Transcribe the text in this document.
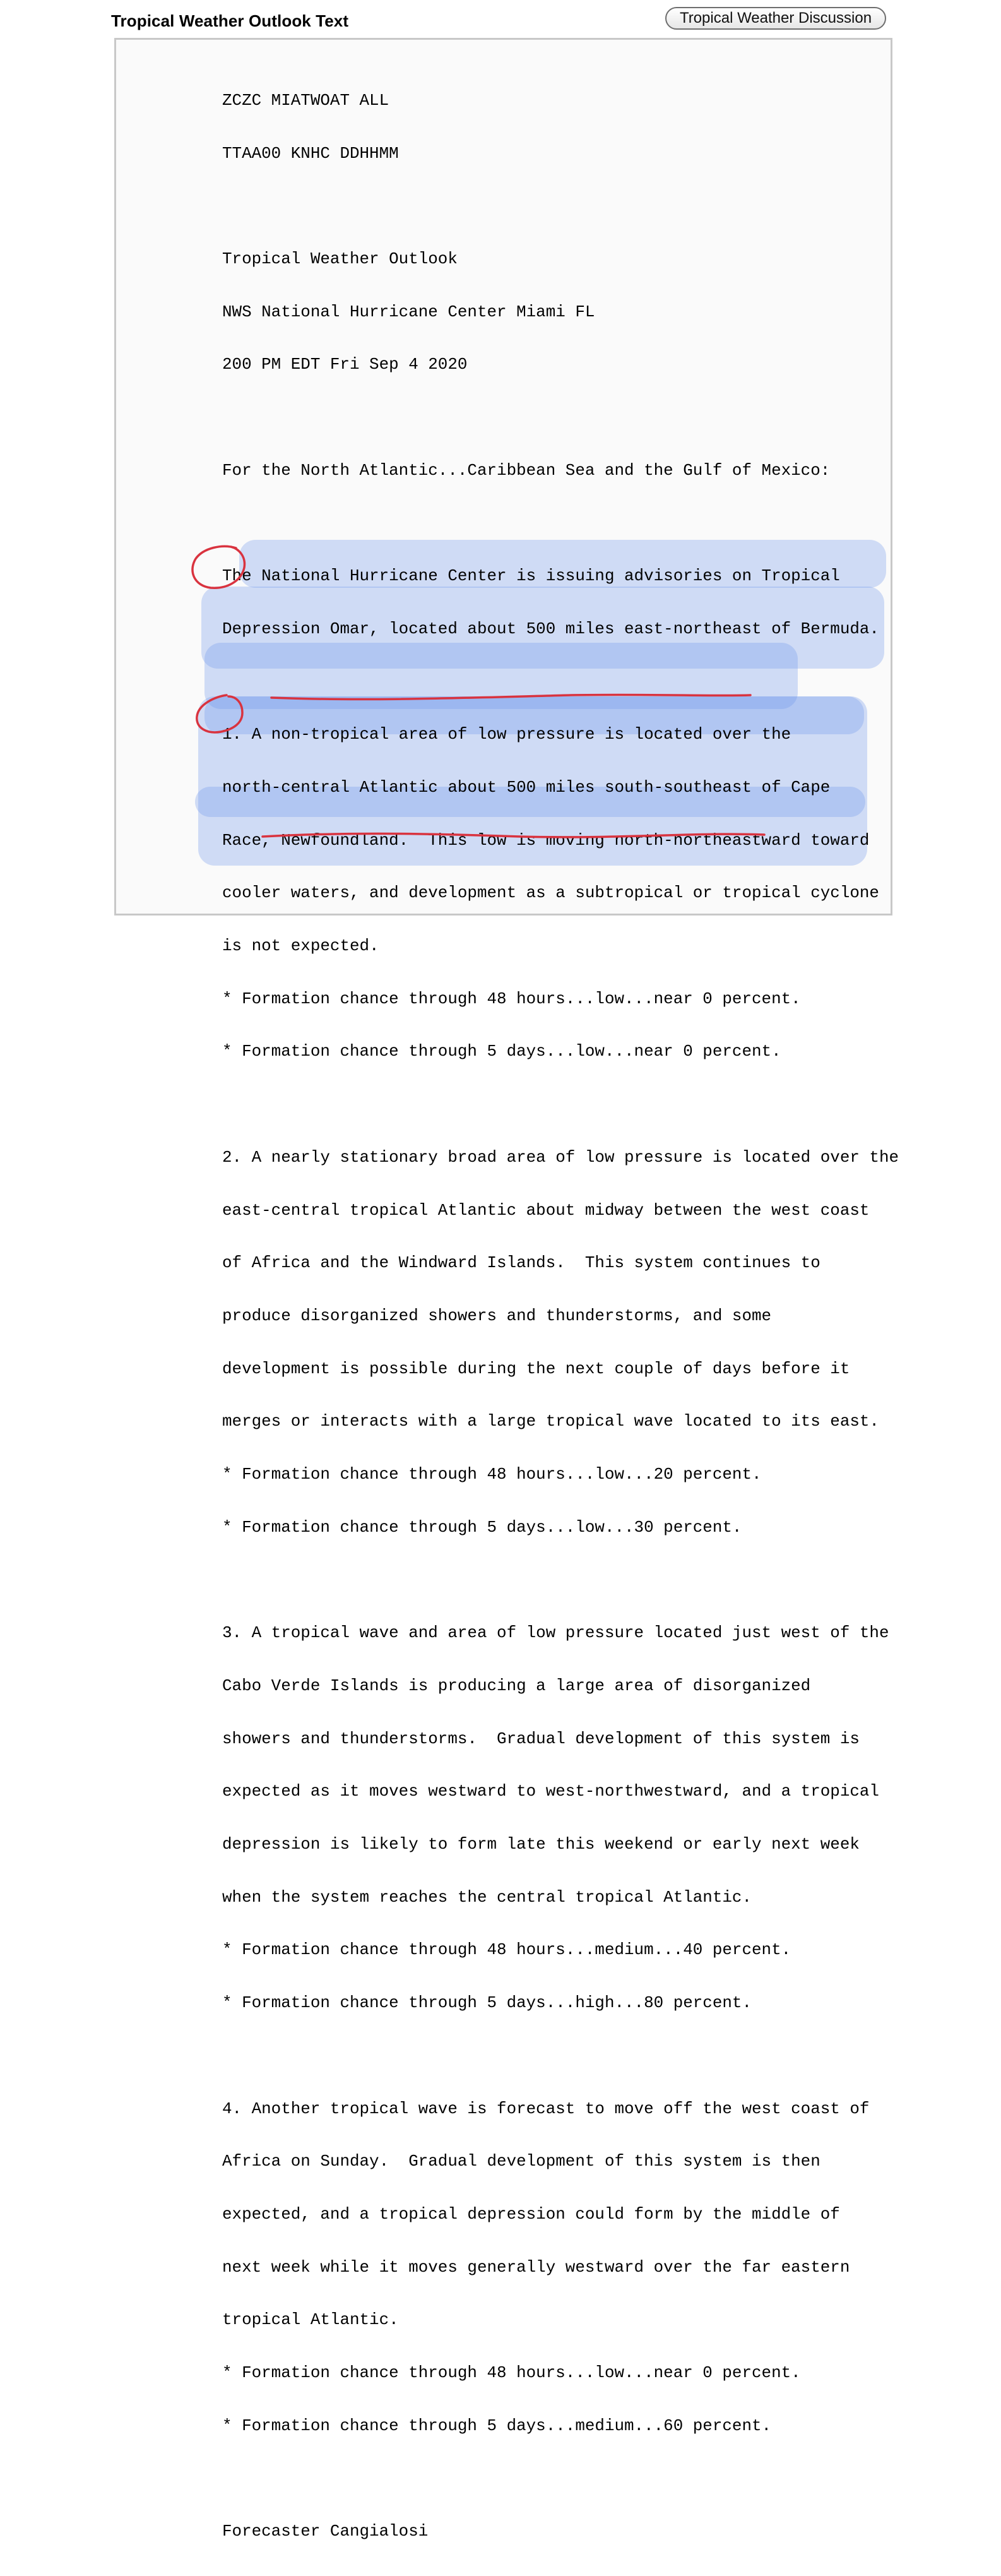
Tropical Weather Outlook Text	Tropical Weather Discussion

ZCZC MIATWOAT ALL

TTAA00 KNHC DDHHMM

Tropical Weather Outlook

NWS National Hurricane Center Miami FL

200 PM EDT Fri Sep 4 2020

For the North Atlantic...Caribbean Sea and the Gulf of Mexico:

The National Hurricane Center is issuing advisories on Tropical

Depression Omar, located about 500 miles east-northeast of Bermuda.

1. A non-tropical area of low pressure is located over the

north-central Atlantic about 500 miles south-southeast of Cape

Race, Newfoundland.  This low is moving north-northeastward toward

cooler waters, and development as a subtropical or tropical cyclone

is not expected.

* Formation chance through 48 hours...low...near 0 percent.

* Formation chance through 5 days...low...near 0 percent.

2. A nearly stationary broad area of low pressure is located over the

east-central tropical Atlantic about midway between the west coast

of Africa and the Windward Islands.  This system continues to

produce disorganized showers and thunderstorms, and some

development is possible during the next couple of days before it

merges or interacts with a large tropical wave located to its east.

* Formation chance through 48 hours...low...20 percent.

* Formation chance through 5 days...low...30 percent.

3. A tropical wave and area of low pressure located just west of the

Cabo Verde Islands is producing a large area of disorganized

showers and thunderstorms.  Gradual development of this system is

expected as it moves westward to west-northwestward, and a tropical

depression is likely to form late this weekend or early next week

when the system reaches the central tropical Atlantic.

* Formation chance through 48 hours...medium...40 percent.

* Formation chance through 5 days...high...80 percent.

4. Another tropical wave is forecast to move off the west coast of

Africa on Sunday.  Gradual development of this system is then

expected, and a tropical depression could form by the middle of

next week while it moves generally westward over the far eastern

tropical Atlantic.

* Formation chance through 48 hours...low...near 0 percent.

* Formation chance through 5 days...medium...60 percent.

Forecaster Cangialosi
